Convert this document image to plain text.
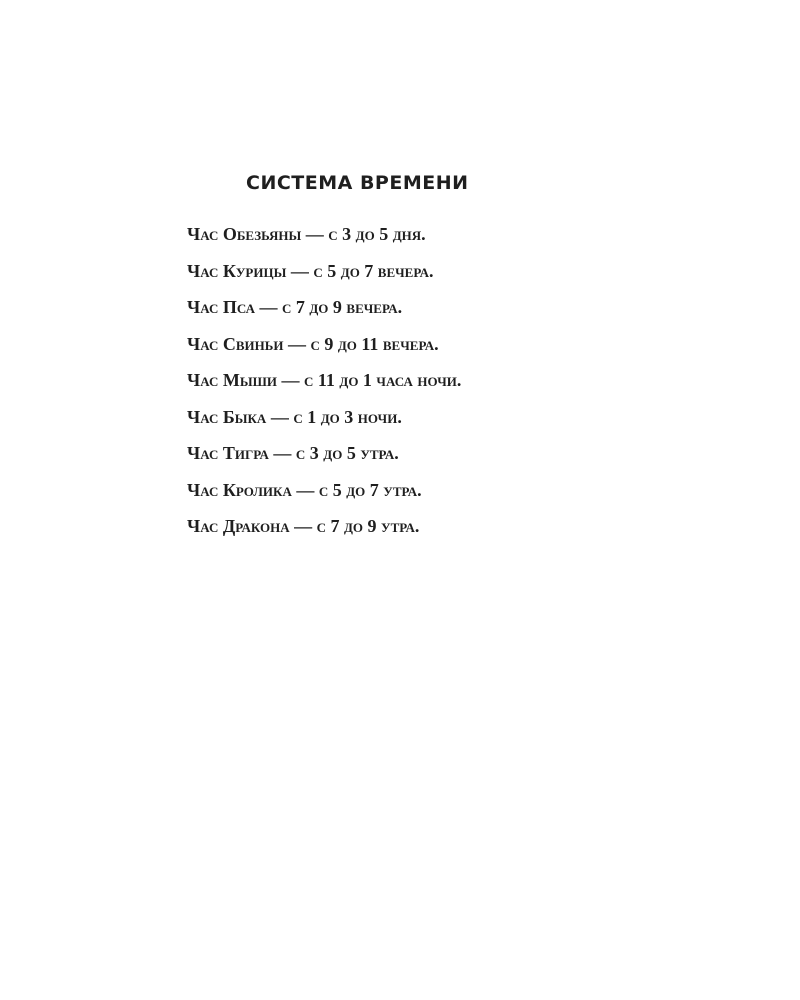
СИСТЕМА ВРЕМЕНИ
Час Обезьяны — с 3 до 5 дня.
Час Курицы — с 5 до 7 вечера.
Час Пса — с 7 до 9 вечера.
Час Свиньи — с 9 до 11 вечера.
Час Мыши — с 11 до 1 часа ночи.
Час Быка — с 1 до 3 ночи.
Час Тигра — с 3 до 5 утра.
Час Кролика — с 5 до 7 утра.
Час Дракона — с 7 до 9 утра.
